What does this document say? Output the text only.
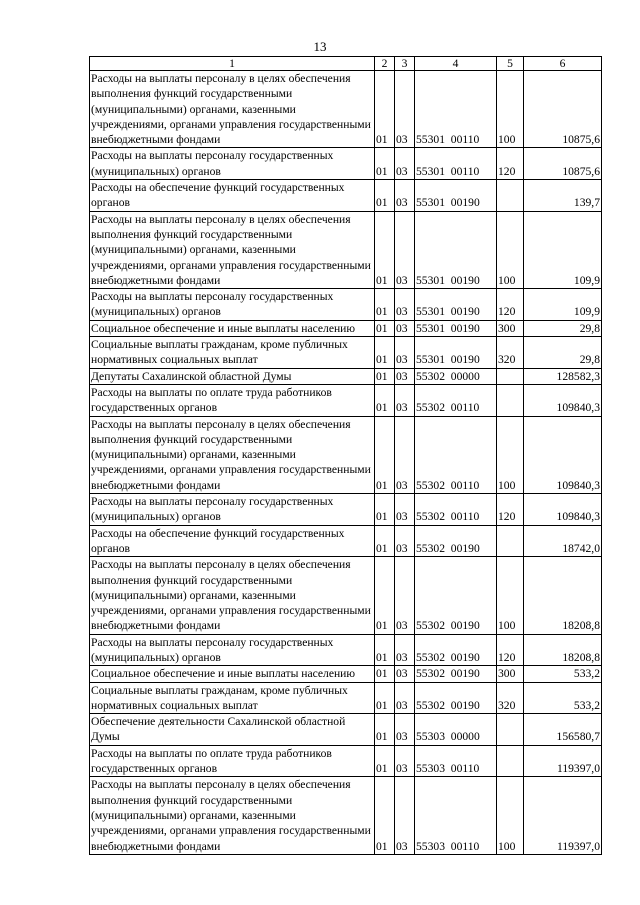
13
1	2	3	4	5	6
Расходы на выплаты персоналу в целях обеспечения выполнения функций государственными (муниципальными) органами, казенными учреждениями, органами управления государственными внебюджетными фондами	01	03	55301  00110	100	10875,6
Расходы на выплаты персоналу государственных (муниципальных) органов	01	03	55301  00110	120	10875,6
Расходы на обеспечение функций государственных органов	01	03	55301  00190		139,7
Расходы на выплаты персоналу в целях обеспечения выполнения функций государственными (муниципальными) органами, казенными учреждениями, органами управления государственными внебюджетными фондами	01	03	55301  00190	100	109,9
Расходы на выплаты персоналу государственных (муниципальных) органов	01	03	55301  00190	120	109,9
Социальное обеспечение и иные выплаты населению	01	03	55301  00190	300	29,8
Социальные выплаты гражданам, кроме публичных нормативных социальных выплат	01	03	55301  00190	320	29,8
Депутаты Сахалинской областной Думы	01	03	55302  00000		128582,3
Расходы на выплаты по оплате труда работников государственных органов	01	03	55302  00110		109840,3
Расходы на выплаты персоналу в целях обеспечения выполнения функций государственными (муниципальными) органами, казенными учреждениями, органами управления государственными внебюджетными фондами	01	03	55302  00110	100	109840,3
Расходы на выплаты персоналу государственных (муниципальных) органов	01	03	55302  00110	120	109840,3
Расходы на обеспечение функций государственных органов	01	03	55302  00190		18742,0
Расходы на выплаты персоналу в целях обеспечения выполнения функций государственными (муниципальными) органами, казенными учреждениями, органами управления государственными внебюджетными фондами	01	03	55302  00190	100	18208,8
Расходы на выплаты персоналу государственных (муниципальных) органов	01	03	55302  00190	120	18208,8
Социальное обеспечение и иные выплаты населению	01	03	55302  00190	300	533,2
Социальные выплаты гражданам, кроме публичных нормативных социальных выплат	01	03	55302  00190	320	533,2
Обеспечение деятельности Сахалинской областной Думы	01	03	55303  00000		156580,7
Расходы на выплаты по оплате труда работников государственных органов	01	03	55303  00110		119397,0
Расходы на выплаты персоналу в целях обеспечения выполнения функций государственными (муниципальными) органами, казенными учреждениями, органами управления государственными внебюджетными фондами	01	03	55303  00110	100	119397,0
